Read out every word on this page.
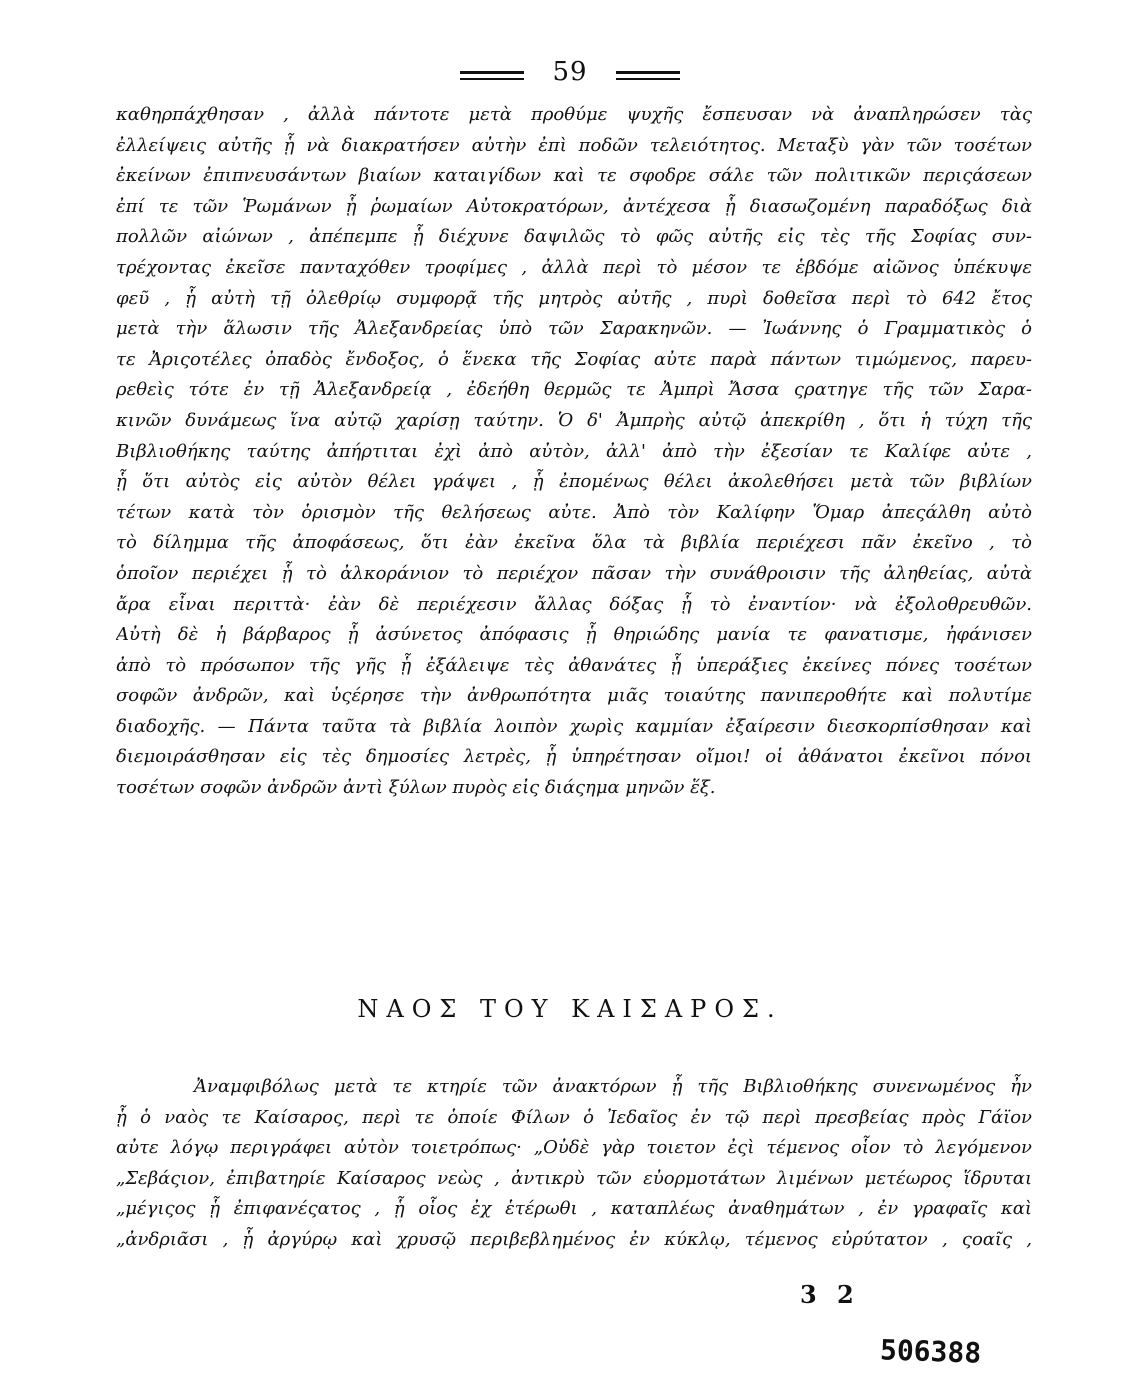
59
καθηρπάχθησαν , ἀλλὰ πάντοτε μετὰ προθύμε ψυχῆς ἔσπευσαν νὰ ἀναπληρώσεν τὰς
ἐλλείψεις αὐτῆς ᾗ νὰ διακρατήσεν αὐτὴν ἐπὶ ποδῶν τελειότητος. Μεταξὺ γὰν τῶν τοσέτων
ἐκείνων ἐπιπνευσάντων βιαίων καταιγίδων καὶ τε σφοδρε σάλε τῶν πολιτικῶν περιςάσεων
ἐπί τε τῶν Ῥωμάνων ᾗ ῥωμαίων Αὐτοκρατόρων, ἀντέχεσα ᾗ διασωζομένη παραδόξως διὰ
πολλῶν αἰώνων , ἀπέπεμπε ᾗ διέχυνε δαψιλῶς τὸ φῶς αὐτῆς εἰς τὲς τῆς Σοφίας συν-
τρέχοντας ἐκεῖσε πανταχόθεν τροφίμες , ἀλλὰ περὶ τὸ μέσον τε ἑβδόμε αἰῶνος ὑπέκυψε
φεῦ , ᾗ αὐτὴ τῇ ὀλεθρίῳ συμφορᾷ τῆς μητρὸς αὐτῆς , πυρὶ δοθεῖσα περὶ τὸ 642 ἔτος
μετὰ τὴν ἅλωσιν τῆς Ἀλεξανδρείας ὑπὸ τῶν Σαρακηνῶν. — Ἰωάννης ὁ Γραμματικὸς ὁ
τε Ἀριςοτέλες ὀπαδὸς ἔνδοξος, ὁ ἕνεκα τῆς Σοφίας αὐτε παρὰ πάντων τιμώμενος, παρευ-
ρεθεὶς τότε ἐν τῇ Ἀλεξανδρείᾳ , ἐδεήθη θερμῶς τε Ἀμπρὶ Ἄσσα ςρατηγε τῆς τῶν Σαρα-
κινῶν δυνάμεως ἵνα αὐτῷ χαρίσῃ ταύτην. Ὁ δ' Ἀμπρὴς αὐτῷ ἀπεκρίθη , ὅτι ἡ τύχη τῆς
Βιβλιοθήκης ταύτης ἀπήρτιται ἐχὶ ἀπὸ αὐτὸν, ἀλλ' ἀπὸ τὴν ἐξεσίαν τε Καλίφε αὐτε ,
ᾗ ὅτι αὐτὸς εἰς αὐτὸν θέλει γράψει , ᾗ ἐπομένως θέλει ἀκολεθήσει μετὰ τῶν βιβλίων
τέτων κατὰ τὸν ὁρισμὸν τῆς θελήσεως αὐτε. Ἀπὸ τὸν Καλίφην Ὅμαρ ἀπεςάλθη αὐτὸ
τὸ δίλημμα τῆς ἀποφάσεως, ὅτι ἐὰν ἐκεῖνα ὅλα τὰ βιβλία περιέχεσι πᾶν ἐκεῖνο , τὸ
ὁποῖον περιέχει ᾗ τὸ ἀλκοράνιον τὸ περιέχον πᾶσαν τὴν συνάθροισιν τῆς ἀληθείας, αὐτὰ
ἄρα εἶναι περιττὰ· ἐὰν δὲ περιέχεσιν ἄλλας δόξας ᾗ τὸ ἐναντίον· νὰ ἐξολοθρευθῶν.
Αὐτὴ δὲ ἡ βάρβαρος ᾗ ἀσύνετος ἀπόφασις ᾗ θηριώδης μανία τε φανατισμε, ἠφάνισεν
ἀπὸ τὸ πρόσωπον τῆς γῆς ᾗ ἐξάλειψε τὲς ἀθανάτες ᾗ ὑπεράξιες ἐκείνες πόνες τοσέτων
σοφῶν ἀνδρῶν, καὶ ὑςέρησε τὴν ἀνθρωπότητα μιᾶς τοιαύτης πανιπεροθήτε καὶ πολυτίμε
διαδοχῆς. — Πάντα ταῦτα τὰ βιβλία λοιπὸν χωρὶς καμμίαν ἐξαίρεσιν διεσκορπίσθησαν καὶ
διεμοιράσθησαν εἰς τὲς δημοσίες λετρὲς, ᾗ ὑπηρέτησαν οἴμοι! οἱ ἀθάνατοι ἐκεῖνοι πόνοι
τοσέτων σοφῶν ἀνδρῶν ἀντὶ ξύλων πυρὸς εἰς διάςημα μηνῶν ἕξ.
ΝΑΟΣ ΤΟΥ ΚΑΙΣΑΡΟΣ.
Ἀναμφιβόλως μετὰ τε κτηρίε τῶν ἀνακτόρων ᾗ τῆς Βιβλιοθήκης συνενωμένος ἦν
ᾗ ὁ ναὸς τε Καίσαρος, περὶ τε ὁποίε Φίλων ὁ Ἰεδαῖος ἐν τῷ περὶ πρεσβείας πρὸς Γάϊον
αὐτε λόγῳ περιγράφει αὐτὸν τοιετρόπως· „Οὐδὲ γὰρ τοιετον ἐςὶ τέμενος οἷον τὸ λεγόμενον
„Σεβάςιον, ἐπιβατηρίε Καίσαρος νεὼς , ἀντικρὺ τῶν εὐορμοτάτων λιμένων μετέωρος ἵδρυται
„μέγιςος ᾗ ἐπιφανέςατος , ᾗ οἷος ἐχ ἑτέρωθι , καταπλέως ἀναθημάτων , ἐν γραφαῖς καὶ
„ἀνδριᾶσι , ᾗ ἀργύρῳ καὶ χρυσῷ περιβεβλημένος ἐν κύκλῳ, τέμενος εὐρύτατον , ςοαῖς ,
3 2
506388
